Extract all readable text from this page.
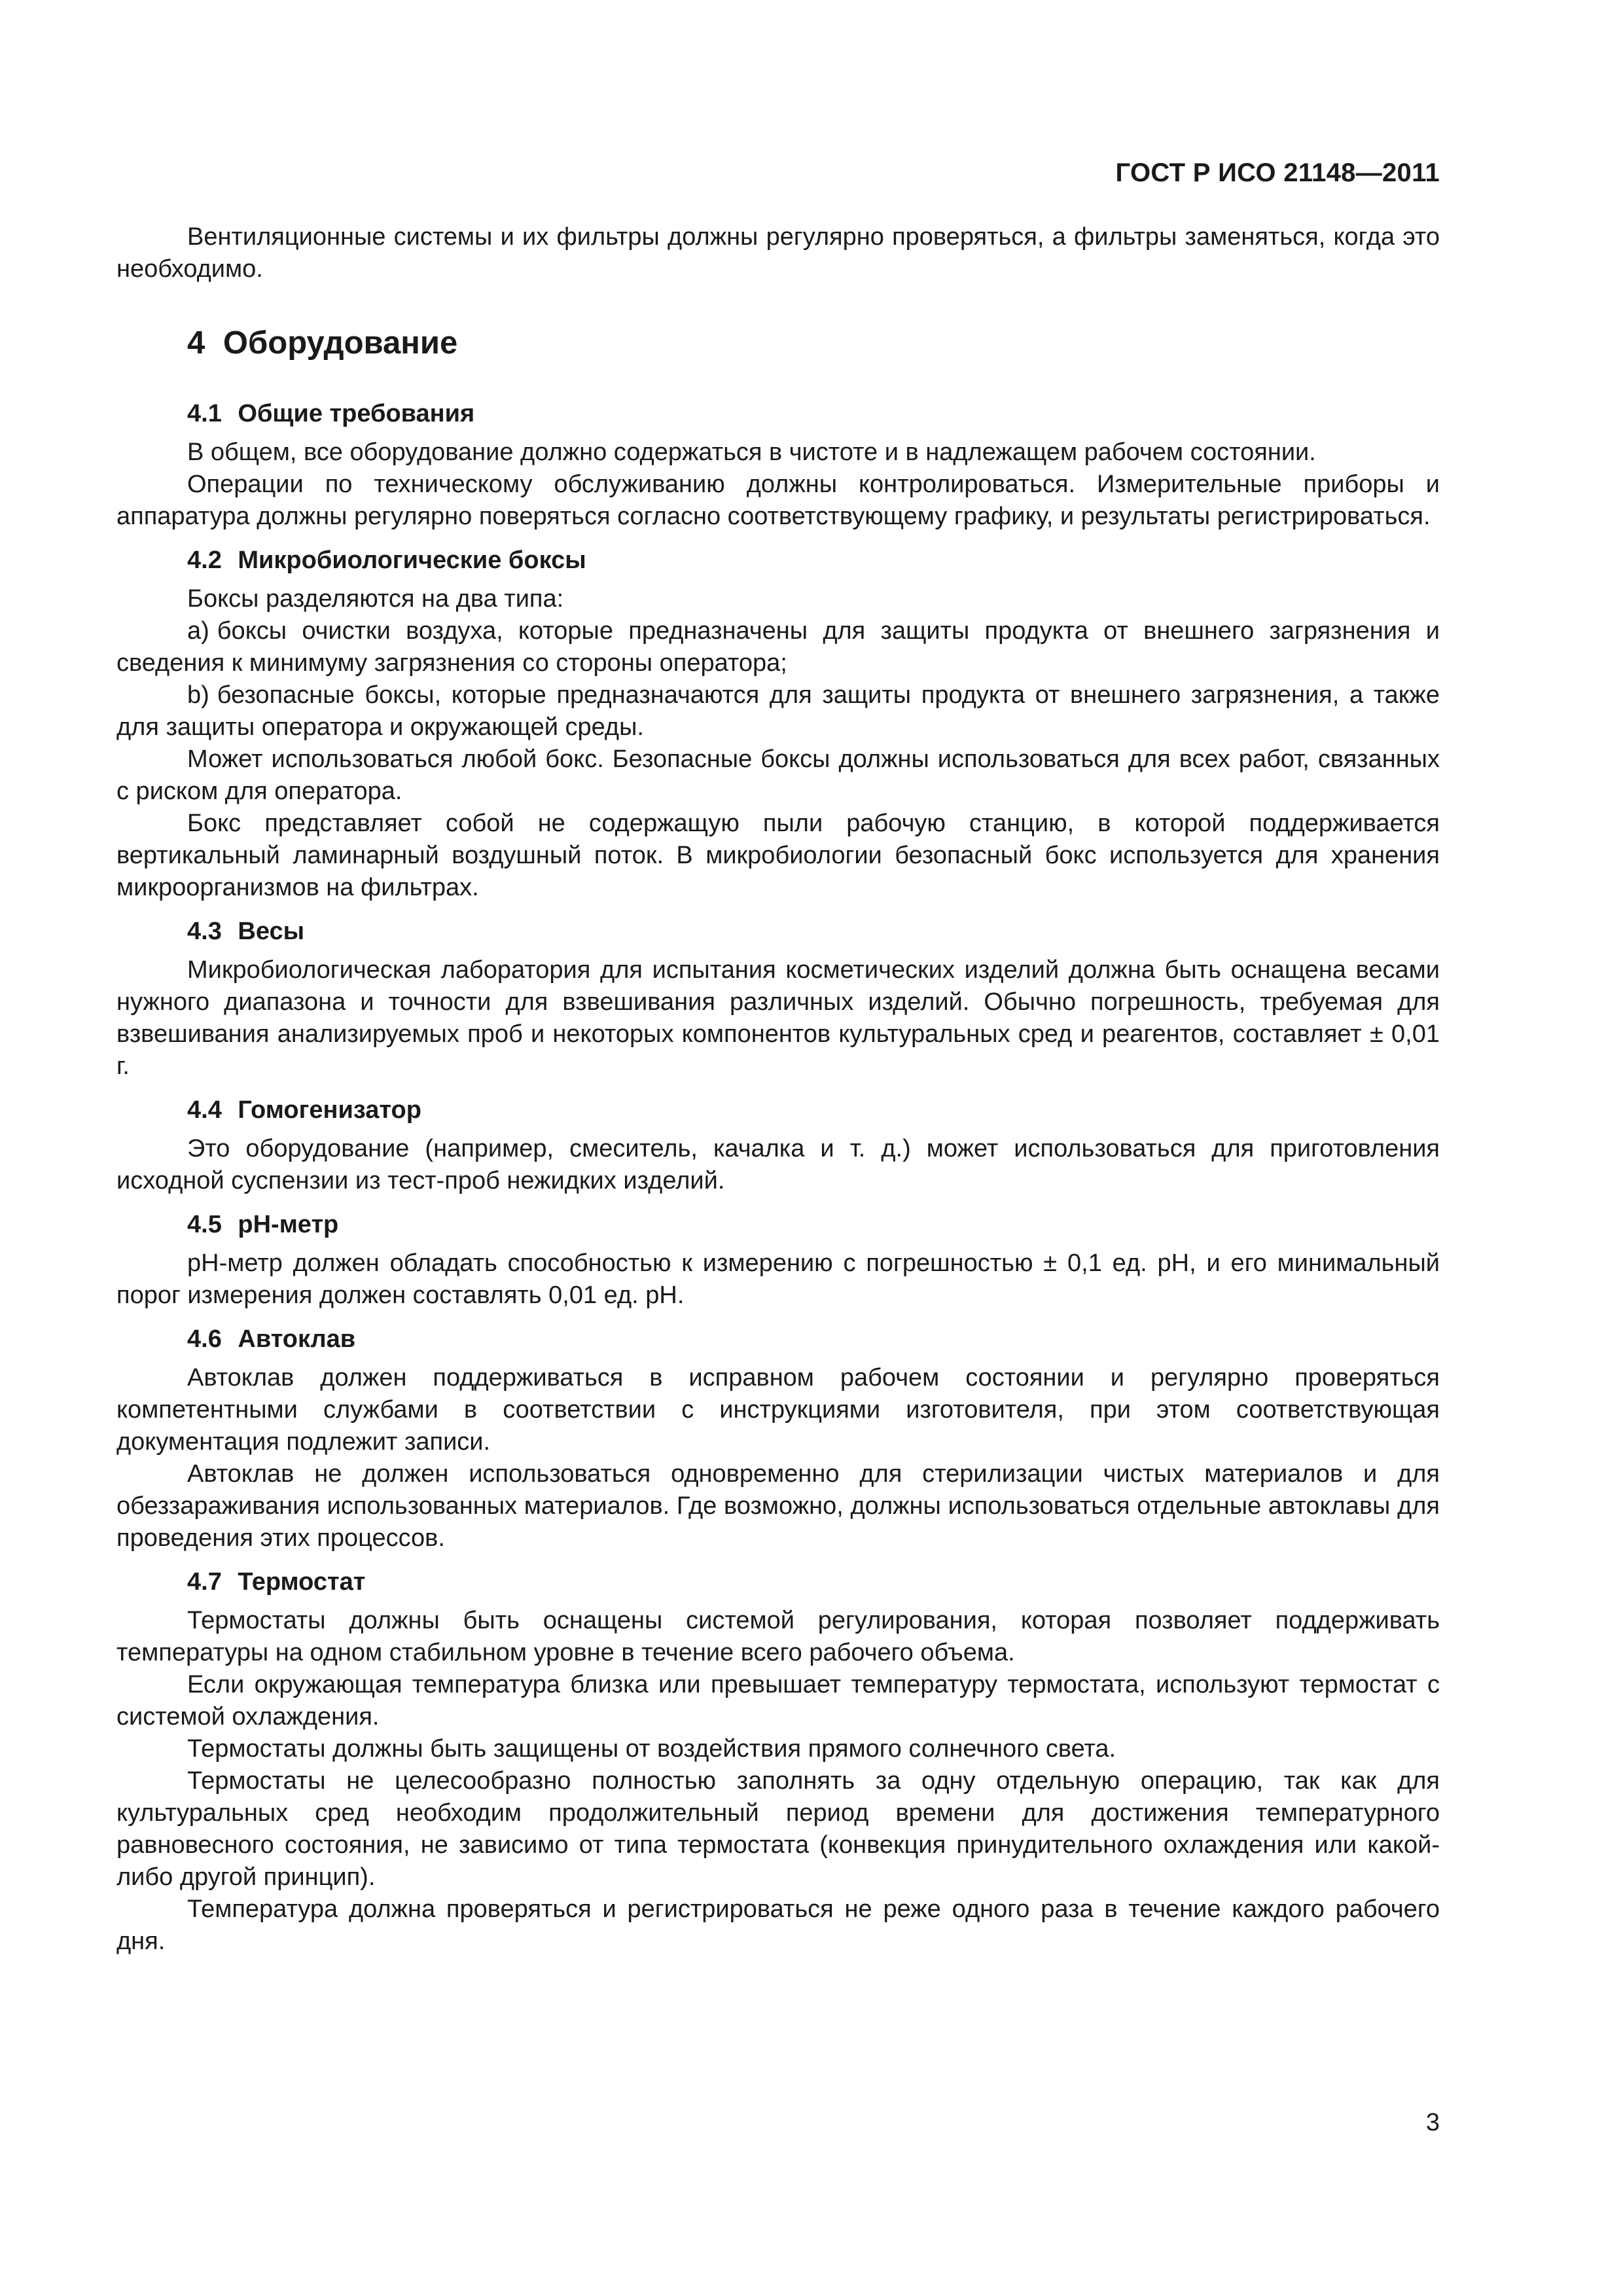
ГОСТ Р ИСО 21148—2011

Вентиляционные системы и их фильтры должны регулярно проверяться, а фильтры заменяться, когда это необходимо.

4 Оборудование
4.1 Общие требования

В общем, все оборудование должно содержаться в чистоте и в надлежащем рабочем состоянии.

Операции по техническому обслуживанию должны контролироваться. Измерительные приборы и аппаратура должны регулярно поверяться согласно соответствующему графику, и результаты регистрироваться.

4.2 Микробиологические боксы

Боксы разделяются на два типа:

a) боксы очистки воздуха, которые предназначены для защиты продукта от внешнего загрязнения и сведения к минимуму загрязнения со стороны оператора;
b) безопасные боксы, которые предназначаются для защиты продукта от внешнего загрязнения, а также для защиты оператора и окружающей среды.

Может использоваться любой бокс. Безопасные боксы должны использоваться для всех работ, связанных с риском для оператора.

Бокс представляет собой не содержащую пыли рабочую станцию, в которой поддерживается вертикальный ламинарный воздушный поток. В микробиологии безопасный бокс используется для хранения микроорганизмов на фильтрах.

4.3 Весы

Микробиологическая лаборатория для испытания косметических изделий должна быть оснащена весами нужного диапазона и точности для взвешивания различных изделий. Обычно погрешность, требуемая для взвешивания анализируемых проб и некоторых компонентов культуральных сред и реагентов, составляет ± 0,01 г.

4.4 Гомогенизатор

Это оборудование (например, смеситель, качалка и т. д.) может использоваться для приготовления исходной суспензии из тест-проб нежидких изделий.

4.5 рН-метр

рН-метр должен обладать способностью к измерению с погрешностью ± 0,1 ед. рН, и его минимальный порог измерения должен составлять 0,01 ед. рН.

4.6 Автоклав

Автоклав должен поддерживаться в исправном рабочем состоянии и регулярно проверяться компетентными службами в соответствии с инструкциями изготовителя, при этом соответствующая документация подлежит записи.

Автоклав не должен использоваться одновременно для стерилизации чистых материалов и для обеззараживания использованных материалов. Где возможно, должны использоваться отдельные автоклавы для проведения этих процессов.

4.7 Термостат

Термостаты должны быть оснащены системой регулирования, которая позволяет поддерживать температуры на одном стабильном уровне в течение всего рабочего объема.

Если окружающая температура близка или превышает температуру термостата, используют термостат с системой охлаждения.

Термостаты должны быть защищены от воздействия прямого солнечного света.

Термостаты не целесообразно полностью заполнять за одну отдельную операцию, так как для культуральных сред необходим продолжительный период времени для достижения температурного равновесного состояния, не зависимо от типа термостата (конвекция принудительного охлаждения или какой-либо другой принцип).

Температура должна проверяться и регистрироваться не реже одного раза в течение каждого рабочего дня.

3
